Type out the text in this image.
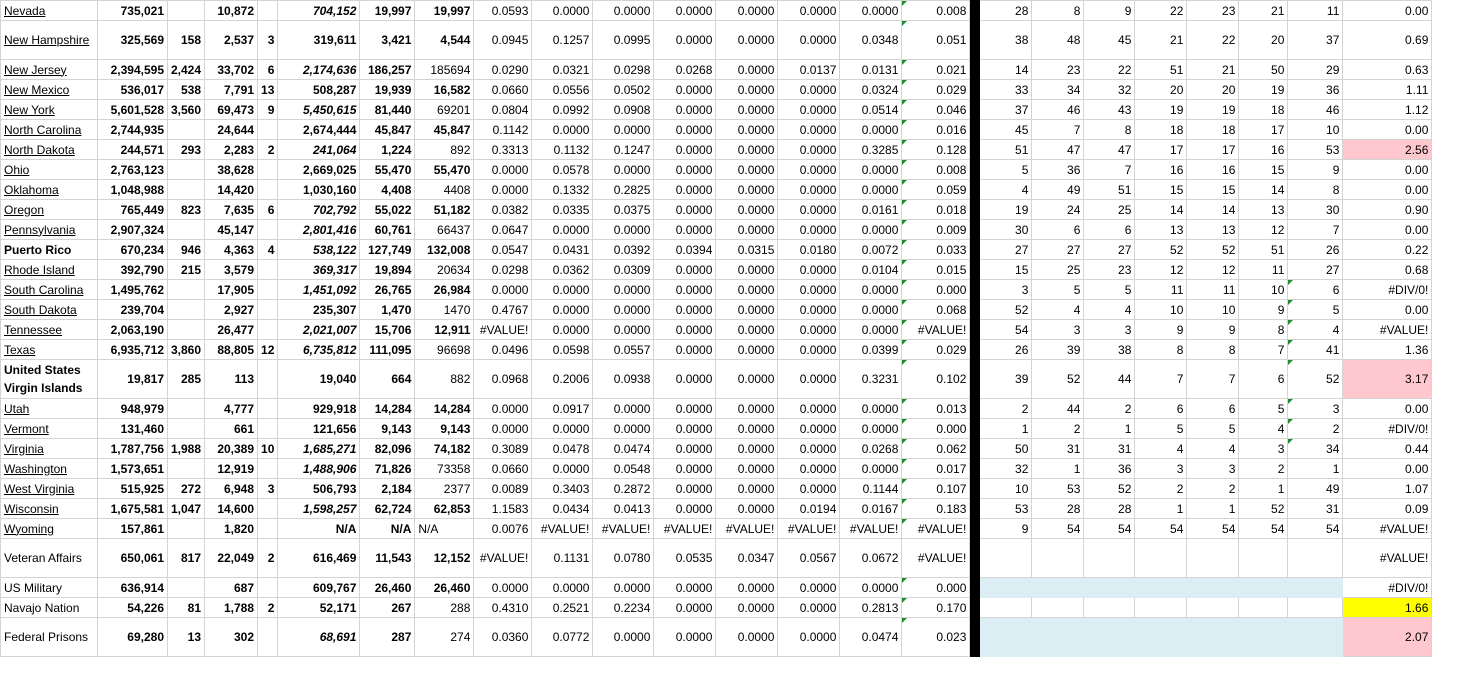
Nevada	735,021		10,872		704,152	19,997	19,997	0.0593	0.0000	0.0000	0.0000	0.0000	0.0000	0.0000	0.008		28	8	9	22	23	21	11	0.00
New Hampshire	325,569	158	2,537	3	319,611	3,421	4,544	0.0945	0.1257	0.0995	0.0000	0.0000	0.0000	0.0348	0.051		38	48	45	21	22	20	37	0.69
New Jersey	2,394,595	2,424	33,702	6	2,174,636	186,257	185694	0.0290	0.0321	0.0298	0.0268	0.0000	0.0137	0.0131	0.021		14	23	22	51	21	50	29	0.63
New Mexico	536,017	538	7,791	13	508,287	19,939	16,582	0.0660	0.0556	0.0502	0.0000	0.0000	0.0000	0.0324	0.029		33	34	32	20	20	19	36	1.11
New York	5,601,528	3,560	69,473	9	5,450,615	81,440	69201	0.0804	0.0992	0.0908	0.0000	0.0000	0.0000	0.0514	0.046		37	46	43	19	19	18	46	1.12
North Carolina	2,744,935		24,644		2,674,444	45,847	45,847	0.1142	0.0000	0.0000	0.0000	0.0000	0.0000	0.0000	0.016		45	7	8	18	18	17	10	0.00
North Dakota	244,571	293	2,283	2	241,064	1,224	892	0.3313	0.1132	0.1247	0.0000	0.0000	0.0000	0.3285	0.128		51	47	47	17	17	16	53	2.56
Ohio	2,763,123		38,628		2,669,025	55,470	55,470	0.0000	0.0578	0.0000	0.0000	0.0000	0.0000	0.0000	0.008		5	36	7	16	16	15	9	0.00
Oklahoma	1,048,988		14,420		1,030,160	4,408	4408	0.0000	0.1332	0.2825	0.0000	0.0000	0.0000	0.0000	0.059		4	49	51	15	15	14	8	0.00
Oregon	765,449	823	7,635	6	702,792	55,022	51,182	0.0382	0.0335	0.0375	0.0000	0.0000	0.0000	0.0161	0.018		19	24	25	14	14	13	30	0.90
Pennsylvania	2,907,324		45,147		2,801,416	60,761	66437	0.0647	0.0000	0.0000	0.0000	0.0000	0.0000	0.0000	0.009		30	6	6	13	13	12	7	0.00
Puerto Rico	670,234	946	4,363	4	538,122	127,749	132,008	0.0547	0.0431	0.0392	0.0394	0.0315	0.0180	0.0072	0.033		27	27	27	52	52	51	26	0.22
Rhode Island	392,790	215	3,579		369,317	19,894	20634	0.0298	0.0362	0.0309	0.0000	0.0000	0.0000	0.0104	0.015		15	25	23	12	12	11	27	0.68
South Carolina	1,495,762		17,905		1,451,092	26,765	26,984	0.0000	0.0000	0.0000	0.0000	0.0000	0.0000	0.0000	0.000		3	5	5	11	11	10	6	#DIV/0!
South Dakota	239,704		2,927		235,307	1,470	1470	0.4767	0.0000	0.0000	0.0000	0.0000	0.0000	0.0000	0.068		52	4	4	10	10	9	5	0.00
Tennessee	2,063,190		26,477		2,021,007	15,706	12,911	#VALUE!	0.0000	0.0000	0.0000	0.0000	0.0000	0.0000	#VALUE!		54	3	3	9	9	8	4	#VALUE!
Texas	6,935,712	3,860	88,805	12	6,735,812	111,095	96698	0.0496	0.0598	0.0557	0.0000	0.0000	0.0000	0.0399	0.029		26	39	38	8	8	7	41	1.36
United States Virgin Islands	19,817	285	113		19,040	664	882	0.0968	0.2006	0.0938	0.0000	0.0000	0.0000	0.3231	0.102		39	52	44	7	7	6	52	3.17
Utah	948,979		4,777		929,918	14,284	14,284	0.0000	0.0917	0.0000	0.0000	0.0000	0.0000	0.0000	0.013		2	44	2	6	6	5	3	0.00
Vermont	131,460		661		121,656	9,143	9,143	0.0000	0.0000	0.0000	0.0000	0.0000	0.0000	0.0000	0.000		1	2	1	5	5	4	2	#DIV/0!
Virginia	1,787,756	1,988	20,389	10	1,685,271	82,096	74,182	0.3089	0.0478	0.0474	0.0000	0.0000	0.0000	0.0268	0.062		50	31	31	4	4	3	34	0.44
Washington	1,573,651		12,919		1,488,906	71,826	73358	0.0660	0.0000	0.0548	0.0000	0.0000	0.0000	0.0000	0.017		32	1	36	3	3	2	1	0.00
West Virginia	515,925	272	6,948	3	506,793	2,184	2377	0.0089	0.3403	0.2872	0.0000	0.0000	0.0000	0.1144	0.107		10	53	52	2	2	1	49	1.07
Wisconsin	1,675,581	1,047	14,600		1,598,257	62,724	62,853	1.1583	0.0434	0.0413	0.0000	0.0000	0.0194	0.0167	0.183		53	28	28	1	1	52	31	0.09
Wyoming	157,861		1,820		N/A	N/A	N/A	0.0076	#VALUE!	#VALUE!	#VALUE!	#VALUE!	#VALUE!	#VALUE!	#VALUE!		9	54	54	54	54	54	54	#VALUE!
Veteran Affairs	650,061	817	22,049	2	616,469	11,543	12,152	#VALUE!	0.1131	0.0780	0.0535	0.0347	0.0567	0.0672	#VALUE!									#VALUE!
US Military	636,914		687		609,767	26,460	26,460	0.0000	0.0000	0.0000	0.0000	0.0000	0.0000	0.0000	0.000									#DIV/0!
Navajo Nation	54,226	81	1,788	2	52,171	267	288	0.4310	0.2521	0.2234	0.0000	0.0000	0.0000	0.2813	0.170									1.66
Federal Prisons	69,280	13	302		68,691	287	274	0.0360	0.0772	0.0000	0.0000	0.0000	0.0000	0.0474	0.023									2.07
